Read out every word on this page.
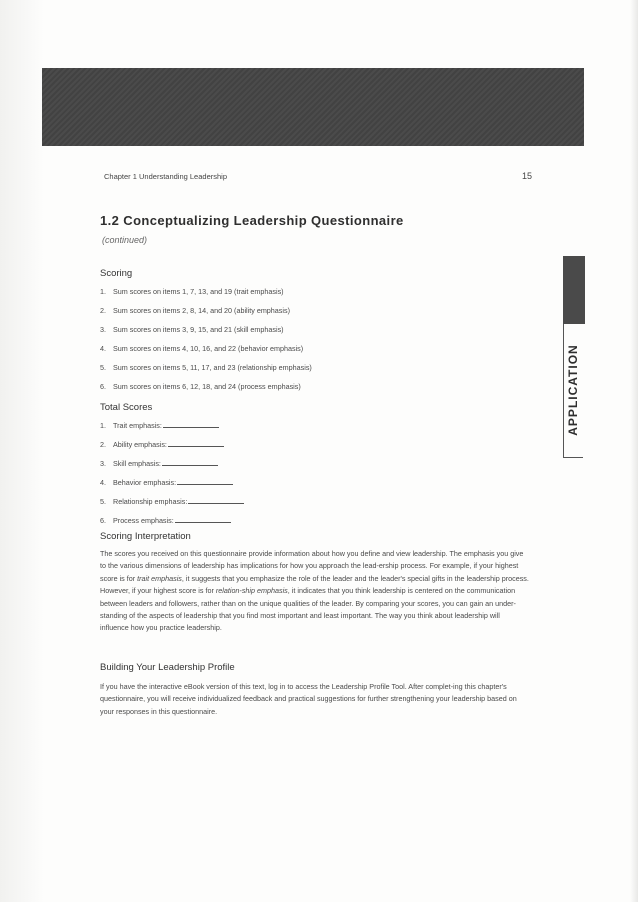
Chapter 1 Understanding Leadership	15
APPLICATION
1.2 Conceptualizing Leadership Questionnaire
(continued)
Scoring
1. Sum scores on items 1, 7, 13, and 19 (trait emphasis)
2. Sum scores on items 2, 8, 14, and 20 (ability emphasis)
3. Sum scores on items 3, 9, 15, and 21 (skill emphasis)
4. Sum scores on items 4, 10, 16, and 22 (behavior emphasis)
5. Sum scores on items 5, 11, 17, and 23 (relationship emphasis)
6. Sum scores on items 6, 12, 18, and 24 (process emphasis)
Total Scores
1. Trait emphasis:
2. Ability emphasis:
3. Skill emphasis:
4. Behavior emphasis:
5. Relationship emphasis:
6. Process emphasis:
Scoring Interpretation
The scores you received on this questionnaire provide information about how you define and view leadership. The emphasis you give to the various dimensions of leadership has implications for how you approach the lead-ership process. For example, if your highest score is for trait emphasis, it suggests that you emphasize the role of the leader and the leader's special gifts in the leadership process. However, if your highest score is for relation-ship emphasis, it indicates that you think leadership is centered on the communication between leaders and followers, rather than on the unique qualities of the leader. By comparing your scores, you can gain an under-standing of the aspects of leadership that you find most important and least important. The way you think about leadership will influence how you practice leadership.
Building Your Leadership Profile
If you have the interactive eBook version of this text, log in to access the Leadership Profile Tool. After complet-ing this chapter's questionnaire, you will receive individualized feedback and practical suggestions for further strengthening your leadership based on your responses in this questionnaire.
